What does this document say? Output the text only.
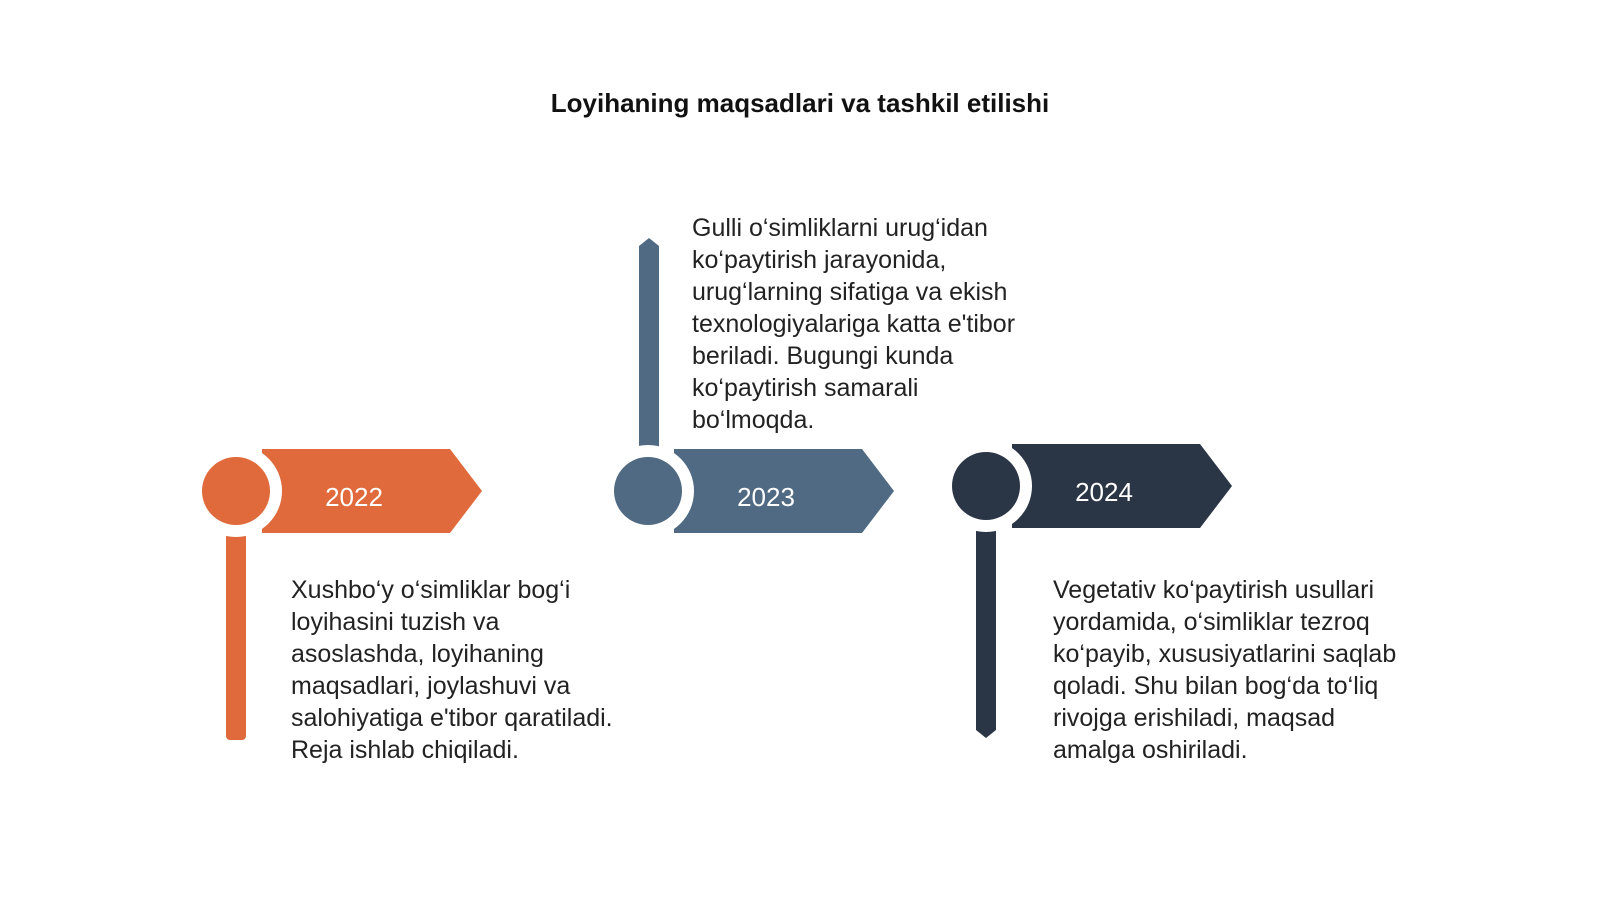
Loyihaning maqsadlari va tashkil etilishi
2022	2023	2024

Xushbo‘y o‘simliklar bog‘i loyihasini tuzish va asoslashda, loyihaning maqsadlari, joylashuvi va salohiyatiga e'tibor qaratiladi. Reja ishlab chiqiladi.

Gulli o‘simliklarni urug‘idan ko‘paytirish jarayonida, urug‘larning sifatiga va ekish texnologiyalariga katta e'tibor beriladi. Bugungi kunda ko‘paytirish samarali bo‘lmoqda.

Vegetativ ko‘paytirish usullari yordamida, o‘simliklar tezroq ko‘payib, xususiyatlarini saqlab qoladi. Shu bilan bog‘da to‘liq rivojga erishiladi, maqsad amalga oshiriladi.
